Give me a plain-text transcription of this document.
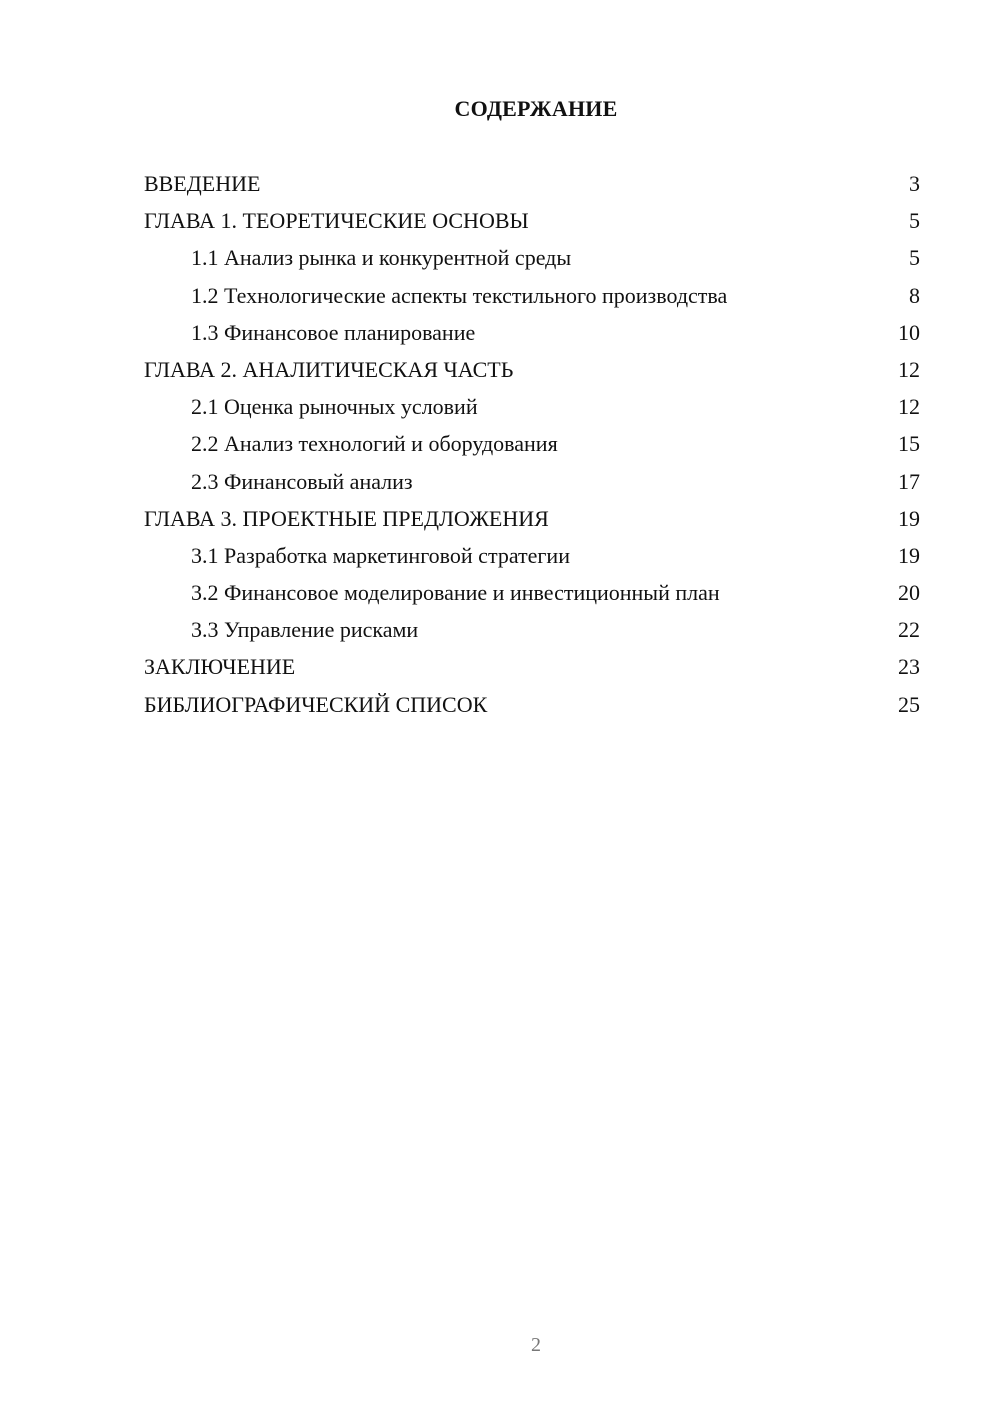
СОДЕРЖАНИЕ
ВВЕДЕНИЕ	3
ГЛАВА 1. ТЕОРЕТИЧЕСКИЕ ОСНОВЫ	5
1.1 Анализ рынка и конкурентной среды	5
1.2 Технологические аспекты текстильного производства	8
1.3 Финансовое планирование	10
ГЛАВА 2. АНАЛИТИЧЕСКАЯ ЧАСТЬ	12
2.1 Оценка рыночных условий	12
2.2 Анализ технологий и оборудования	15
2.3 Финансовый анализ	17
ГЛАВА 3. ПРОЕКТНЫЕ ПРЕДЛОЖЕНИЯ	19
3.1 Разработка маркетинговой стратегии	19
3.2 Финансовое моделирование и инвестиционный план	20
3.3 Управление рисками	22
ЗАКЛЮЧЕНИЕ	23
БИБЛИОГРАФИЧЕСКИЙ СПИСОК	25
2
